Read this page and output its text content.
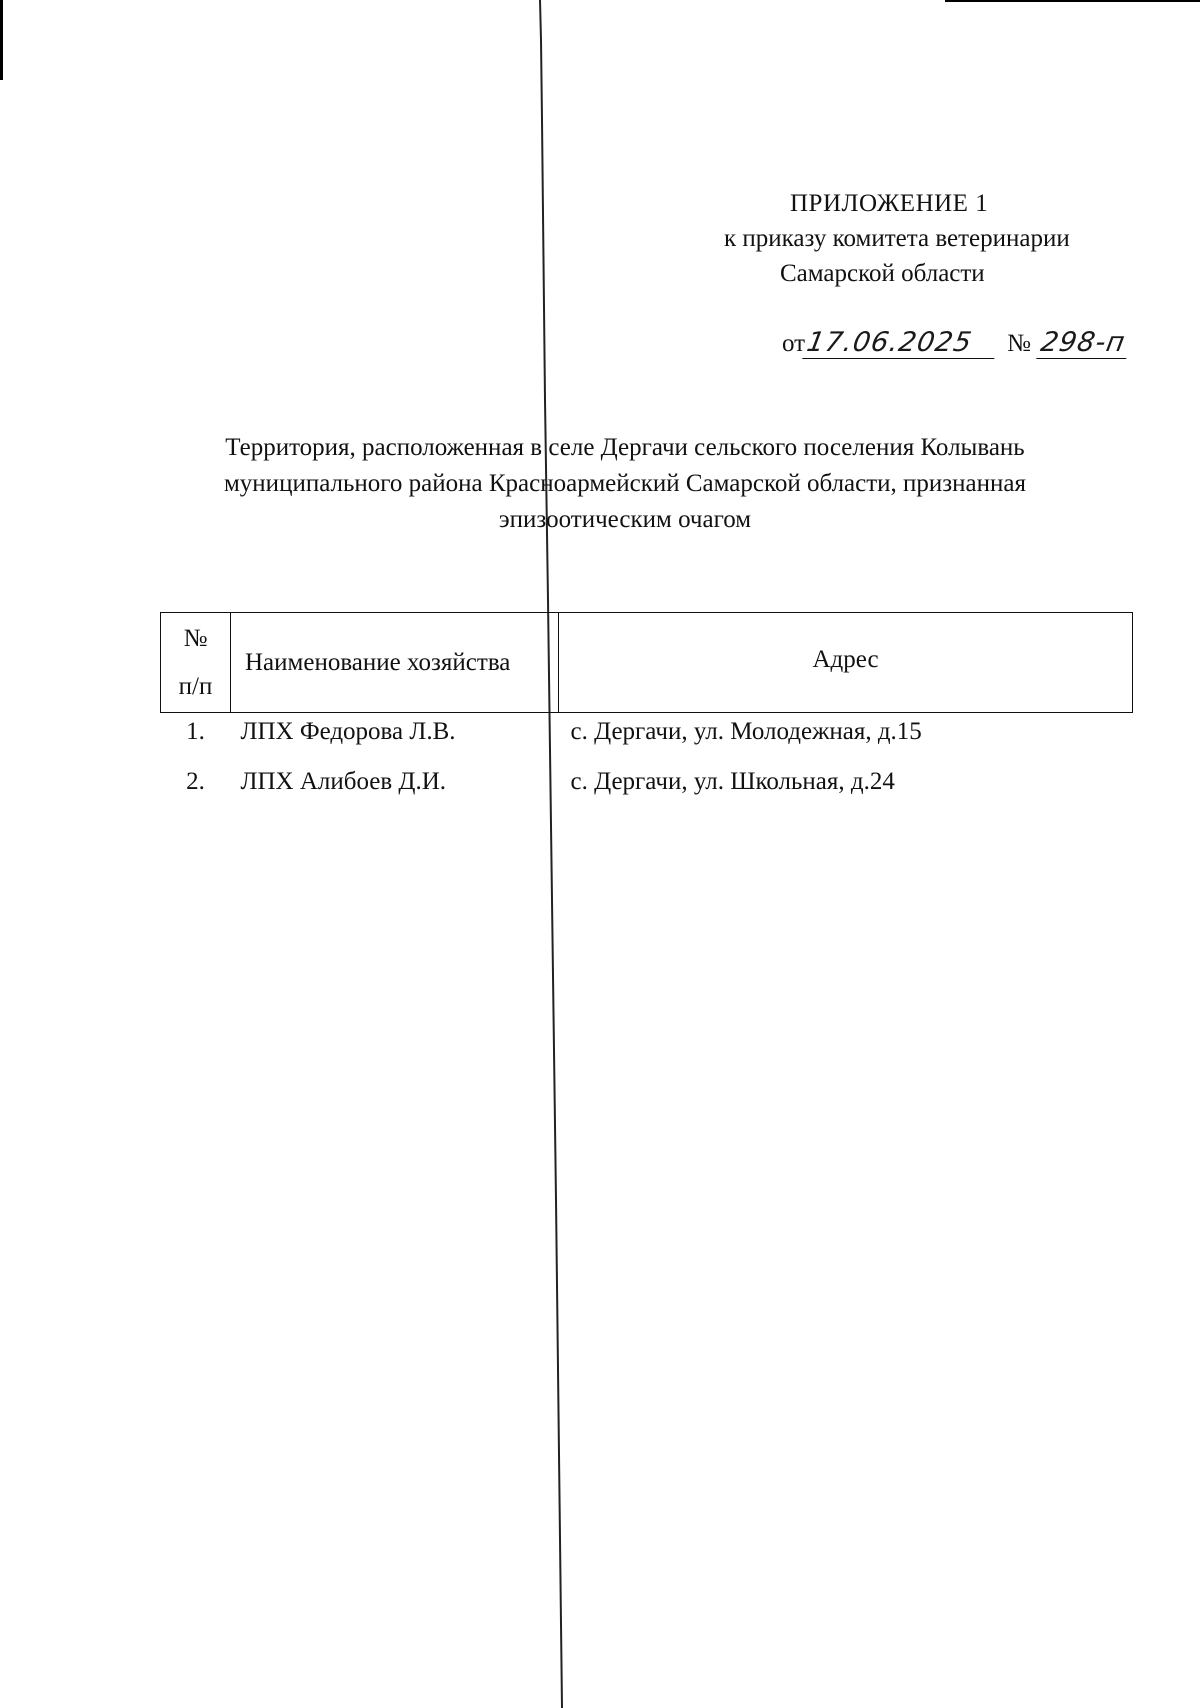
ПРИЛОЖЕНИЕ 1
к приказу комитета ветеринарии
Самарской области
от17.06.2025 № 298-п
Территория, расположенная в селе Дергачи сельского поселения Колывань
муниципального района Красноармейский Самарской области, признанная
эпизоотическим очагом
№
п/п	Наименование хозяйства	Адрес
1.	ЛПХ Федорова Л.В.	с. Дергачи, ул. Молодежная, д.15
2.	ЛПХ Алибоев Д.И.	с. Дергачи, ул. Школьная, д.24
